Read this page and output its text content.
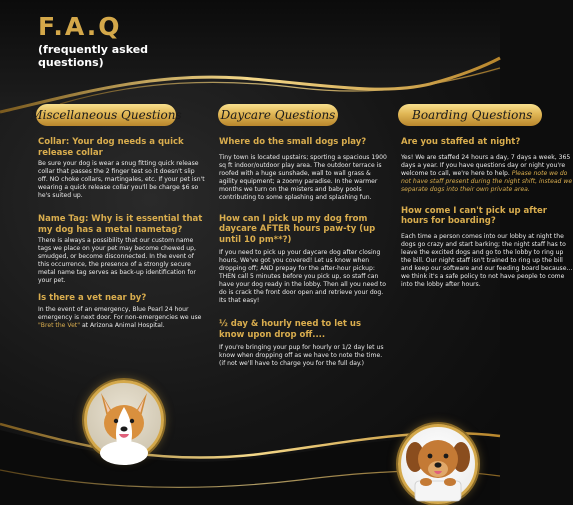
F.A.Q

(frequently asked questions)

Miscellaneous Questions

Collar: Your dog needs a quick release collar

Be sure your dog is wear a snug fitting quick release collar that passes the 2 finger test so it doesn't slip off. NO choke collars, martingales, etc. If your pet isn't wearing a quick release collar you'll be charge $6 so he's suited up.

Name Tag: Why is it essential that my dog has a metal nametag?

There is always a possibility that our custom name tags we place on your pet may become chewed up, smudged, or become disconnected. In the event of this occurrence, the presence of a strongly secure metal name tag serves as back-up identification for your pet.

Is there a vet near by?

In the event of an emergency, Blue Pearl 24 hour emergency is next door. For non-emergencies we use "Bret the Vet" at Arizona Animal Hospital.

Daycare Questions

Where do the small dogs play?

Tiny town is located upstairs; sporting a spacious 1900 sq ft indoor/outdoor play area. The outdoor terrace is roofed with a huge sunshade, wall to wall grass & agility equipment; a zoomy paradise. In the warmer months we turn on the misters and baby pools contributing to some splashing and splashing fun.

How can I pick up my dog from daycare AFTER hours paw-ty (up until 10 pm**?)

If you need to pick up your daycare dog after closing hours, We've got you covered! Let us know when dropping off; AND prepay for the after-hour pickup: THEN call 5 minutes before you pick up, so staff can have your dog ready in the lobby. Then all you need to do is crack the front door open and retrieve your dog. Its that easy!

½ day & hourly need to let us know upon drop off....

If you're bringing your pup for hourly or 1/2 day let us know when dropping off as we have to note the time. (if not we'll have to charge you for the full day.)

Boarding Questions

Are you staffed at night?

Yes! We are staffed 24 hours a day, 7 days a week, 365 days a year. If you have questions day or night you're welcome to call, we're here to help. Please note we do not have staff present during the night shift, instead we separate dogs into their own private area.

How come I can't pick up after hours for boarding?

Each time a person comes into our lobby at night the dogs go crazy and start barking; the night staff has to leave the excited dogs and go to the lobby to ring up the bill. Our night staff isn't trained to ring up the bill and keep our software and our feeding board because... we think it's a safe policy to not have people to come into the lobby after hours.
